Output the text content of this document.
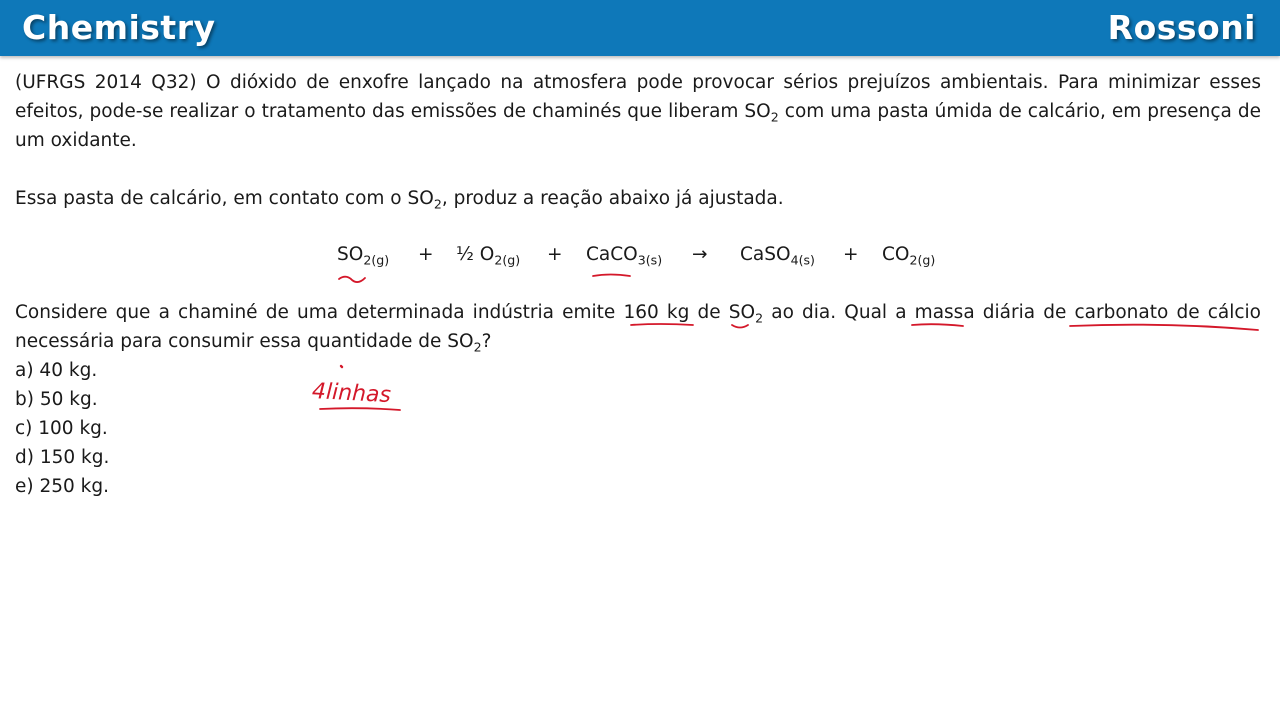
Chemistry	Rossoni

(UFRGS 2014 Q32) O dióxido de enxofre lançado na atmosfera pode provocar sérios prejuízos ambientais. Para minimizar esses efeitos, pode-se realizar o tratamento das emissões de chaminés que liberam $SO_2$ com uma pasta úmida de calcário, em presença de um oxidante.

Essa pasta de calcário, em contato com o $SO_2$, produz a reação abaixo já ajustada.

$SO_{2(g)}$ + ½ $O_{2(g)}$ + CaCO$_{3(s)}$ → CaSO$_{4(s)}$ + $CO_{2(g)}$

Considere que a chaminé de uma determinada indústria emite 160 kg de $SO_2$ ao dia. Qual a massa diária de carbonato de cálcio necessária para consumir essa quantidade de $SO_2$?

a) 40 kg.
b) 50 kg.
c) 100 kg.
d) 150 kg.
e) 250 kg.
4linhas
